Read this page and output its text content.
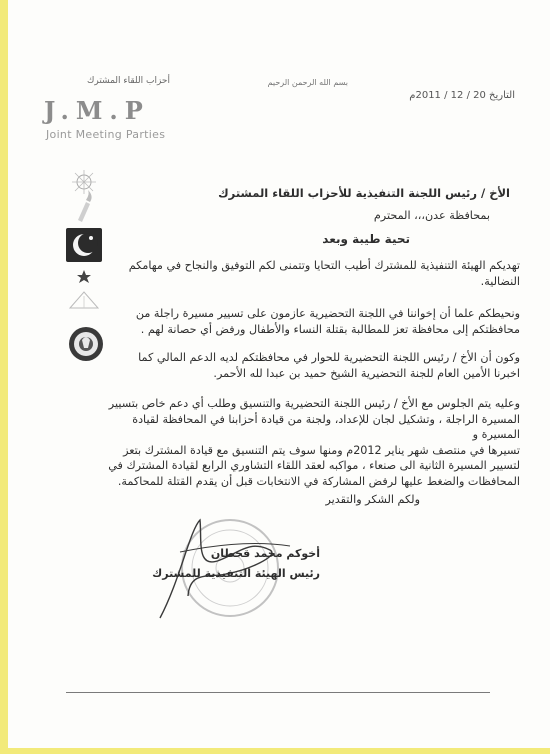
أحزاب اللقاء المشترك	بسم الله الرحمن الرحيم
التاريخ 20 / 12 / 2011م
J.M.P
Joint Meeting Parties
الأخ / رئيس اللجنة التنفيذية للأحزاب اللقاء المشترك
بمحافظة عدن،،، المحترم
تحية طيبة وبعد
تهديكم الهيئة التنفيذية للمشترك أطيب التحايا وتتمنى لكم التوفيق والنجاح في مهامكم
النضالية.
ونحيطكم علما أن إخواننا في اللجنة التحضيرية عازمون على تسيير مسيرة راجلة من
محافظتكم إلى محافظة تعز للمطالبة بقتلة النساء والأطفال ورفض أي حصانة لهم .
وكون أن الأخ / رئيس اللجنة التحضيرية للحوار في محافظتكم لديه الدعم المالي كما
اخبرنا الأمين العام للجنة التحضيرية الشيخ حميد بن عبدا لله الأحمر.
وعليه يتم الجلوس مع الأخ / رئيس اللجنة التحضيرية والتنسيق وطلب أي دعم خاص بتسيير
المسيرة الراجلة ، وتشكيل لجان للإعداد، ولجنة من قيادة أحزابنا في المحافظة لقيادة المسيرة و
تسيرها في منتصف شهر يناير 2012م ومنها سوف يتم التنسيق مع قيادة المشترك بتعز
لتسيير المسيرة الثانية الى صنعاء ، مواكبه لعقد اللقاء التشاوري الرابع لقيادة المشترك في
المحافظات والضغط عليها لرفض المشاركة في الانتخابات قبل أن يقدم القتلة للمحاكمة.
ولكم الشكر والتقدير
أخوكم محمد قحطان
رئيس الهيئة التنفيذية للمشترك
